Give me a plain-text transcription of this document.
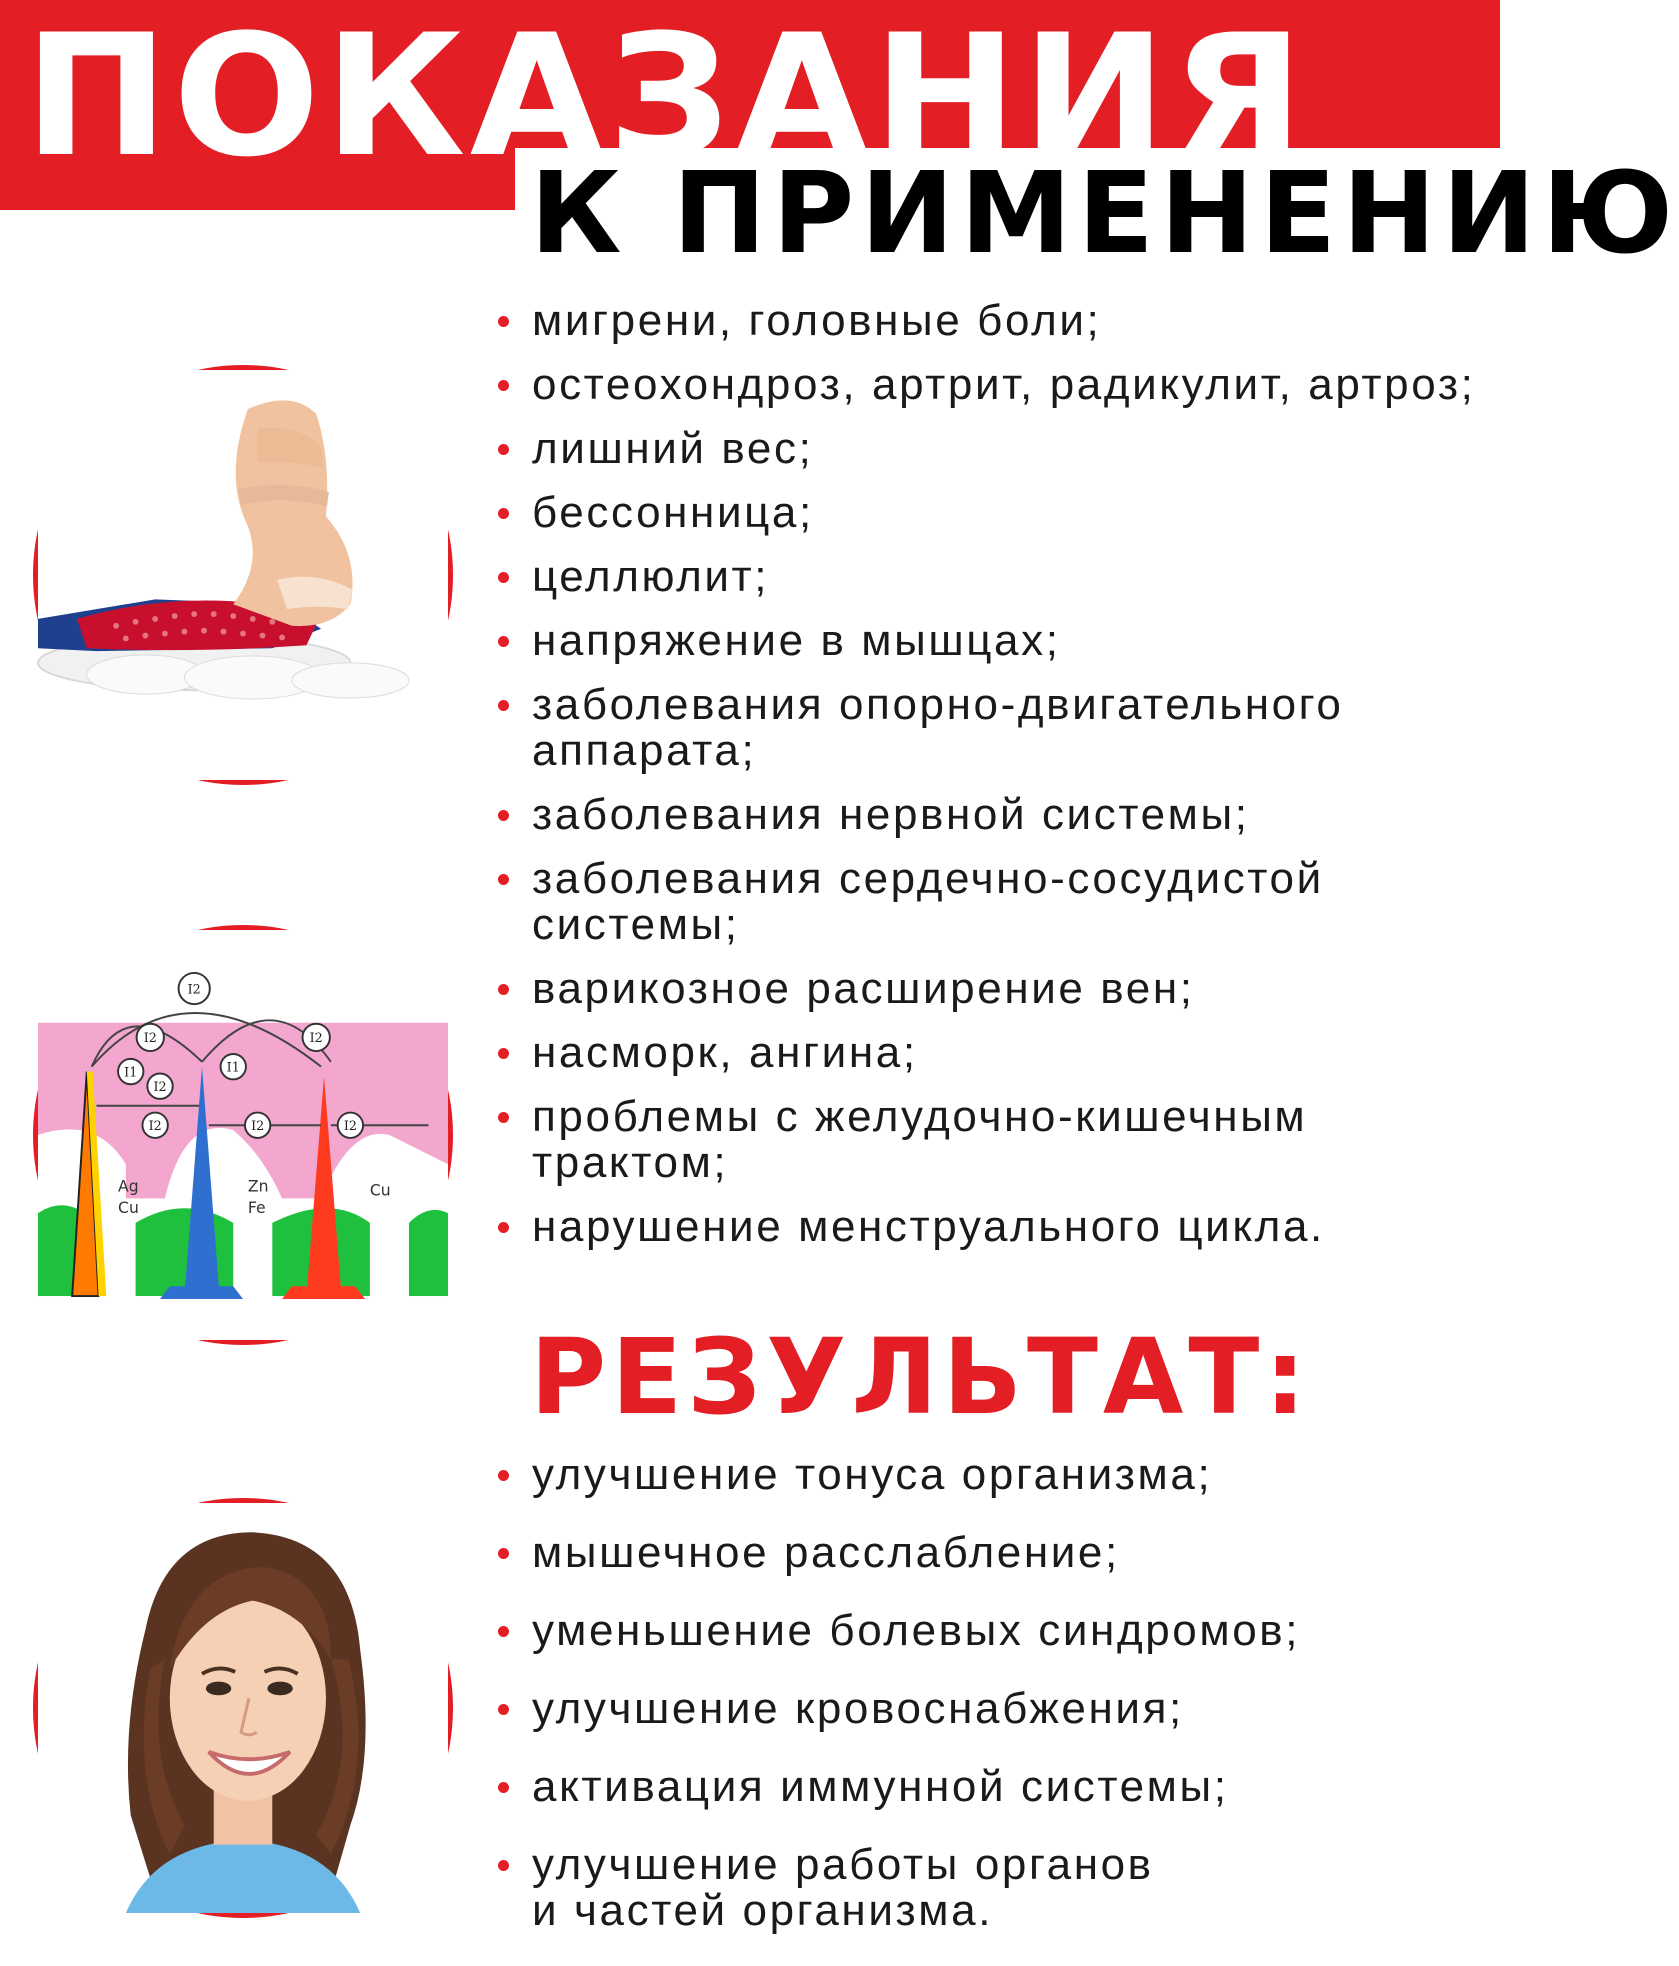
ПОКАЗАНИЯ
К ПРИМЕНЕНИЮ
I2
I2
I1
I2
I1
I2	I2	I2
I2
Ag
Cu
Zn
Fe
Cu
мигрени, головные боли;
остеохондроз, артрит, радикулит, артроз;
лишний вес;
бессонница;
целлюлит;
напряжение в мышцах;
заболевания опорно-двигательного
аппарата;
заболевания нервной системы;
заболевания сердечно-сосудистой
системы;
варикозное расширение вен;
насморк, ангина;
проблемы с желудочно-кишечным
трактом;
нарушение менструального цикла.
РЕЗУЛЬТАТ:
улучшение тонуса организма;
мышечное расслабление;
уменьшение болевых синдромов;
улучшение кровоснабжения;
активация иммунной системы;
улучшение работы органов
и частей организма.
